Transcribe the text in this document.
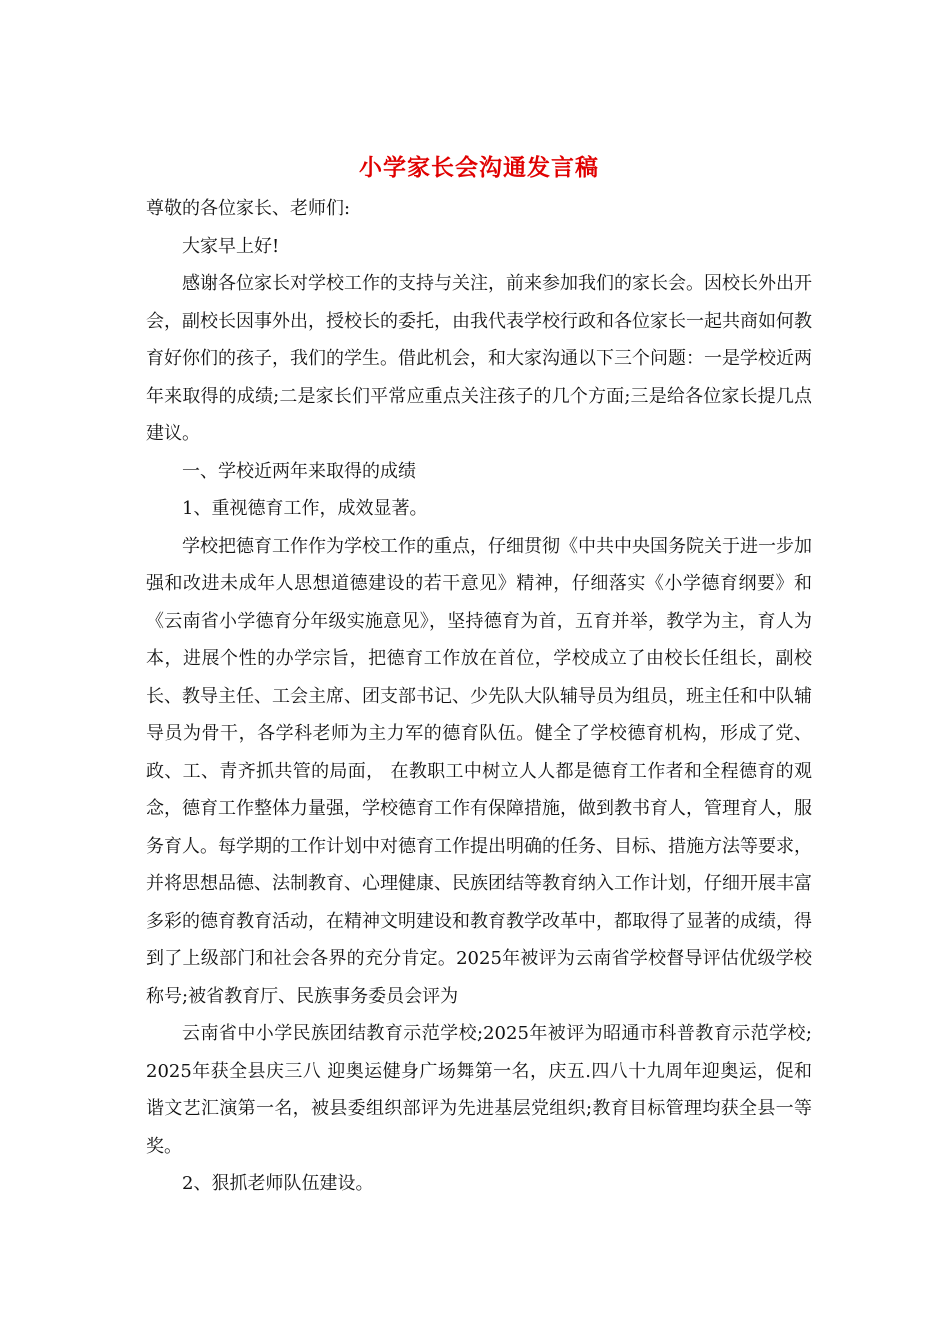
小学家长会沟通发言稿

尊敬的各位家长、老师们:

大家早上好!

感谢各位家长对学校工作的支持与关注，前来参加我们的家长会。因校长外出开会，副校长因事外出，授校长的委托，由我代表学校行政和各位家长一起共商如何教育好你们的孩子，我们的学生。借此机会，和大家沟通以下三个问题：一是学校近两年来取得的成绩;二是家长们平常应重点关注孩子的几个方面;三是给各位家长提几点建议。

一、学校近两年来取得的成绩

1、重视德育工作，成效显著。

学校把德育工作作为学校工作的重点，仔细贯彻《中共中央国务院关于进一步加强和改进未成年人思想道德建设的若干意见》精神，仔细落实《小学德育纲要》和《云南省小学德育分年级实施意见》，坚持德育为首，五育并举，教学为主，育人为本，进展个性的办学宗旨，把德育工作放在首位，学校成立了由校长任组长，副校长、教导主任、工会主席、团支部书记、少先队大队辅导员为组员，班主任和中队辅导员为骨干，各学科老师为主力军的德育队伍。健全了学校德育机构，形成了党、政、工、青齐抓共管的局面， 在教职工中树立人人都是德育工作者和全程德育的观念，德育工作整体力量强，学校德育工作有保障措施，做到教书育人，管理育人，服务育人。每学期的工作计划中对德育工作提出明确的任务、目标、措施方法等要求，并将思想品德、法制教育、心理健康、民族团结等教育纳入工作计划，仔细开展丰富多彩的德育教育活动，在精神文明建设和教育教学改革中，都取得了显著的成绩，得到了上级部门和社会各界的充分肯定。2025年被评为云南省学校督导评估优级学校称号;被省教育厅、民族事务委员会评为

云南省中小学民族团结教育示范学校;2025年被评为昭通市科普教育示范学校; 2025年获全县庆三八 迎奥运健身广场舞第一名，庆五.四八十九周年迎奥运，促和谐文艺汇演第一名，被县委组织部评为先进基层党组织;教育目标管理均获全县一等奖。

2、狠抓老师队伍建设。
